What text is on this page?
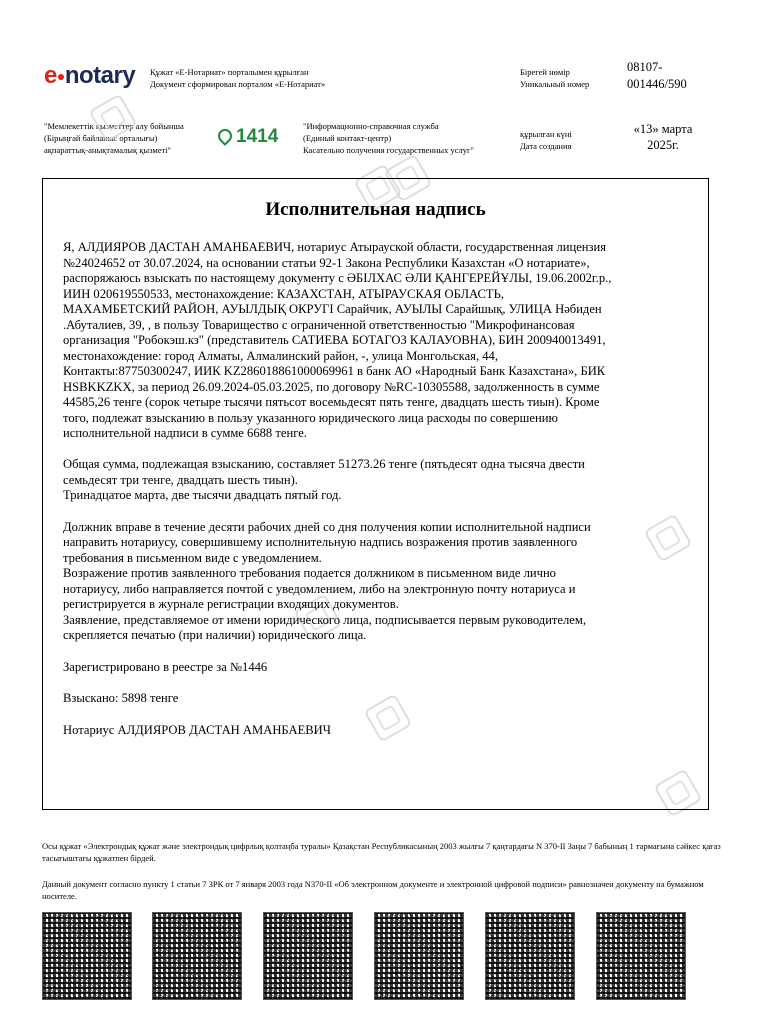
e●notary Құжат «Е-Нотариат» порталымен құрылған
Документ сформирован порталом «Е-Нотариат»
Бірегей нөмір
Уникальный номер
08107-
001446/590
"Мемлекеттік қызметтер алу бойынша
(Бірыңғай байланыс орталығы)
ақпараттық-анықтамалық қызметі"
1414	"Информационно-справочная служба
(Единый контакт-центр)
Касательно получения государственных услуг"
құрылған күні
Дата создания
«13» марта
2025г.
Исполнительная надпись

Я, АЛДИЯРОВ ДАСТАН АМАНБАЕВИЧ, нотариус Атырауской области, государственная лицензия
№24024652 от 30.07.2024, на основании статьи 92-1 Закона Республики Казахстан «О нотариате»,
распоряжаюсь взыскать по настоящему документу с ӘБІЛХАС ӘЛИ ҚАНГЕРЕЙҰЛЫ, 19.06.2002г.р.,
ИИН 020619550533, местонахождение: КАЗАХСТАН, АТЫРАУСКАЯ ОБЛАСТЬ,
МАХАМБЕТСКИЙ РАЙОН, АУЫЛДЫҚ ОКРУГІ Сарайчик, АУЫЛЫ Сарайшық, УЛИЦА Нәбиден
.Абуталиев, 39, , в пользу Товарищество с ограниченной ответственностью "Микрофинансовая
организация "Робокэш.кз" (представитель САТИЕВА БОТАГОЗ КАЛАУОВНА), БИН 200940013491,
местонахождение: город Алматы, Алмалинский район, -, улица Монгольская, 44,
Контакты:87750300247, ИИК KZ286018861000069961 в банк АО «Народный Банк Казахстана», БИК
HSBKKZKX, за период 26.09.2024-05.03.2025, по договору №RC-10305588, задолженность в сумме
44585,26 тенге (сорок четыре тысячи пятьсот восемьдесят пять тенге, двадцать шесть тиын). Кроме
того, подлежат взысканию в пользу указанного юридического лица расходы по совершению
исполнительной надписи в сумме 6688 тенге.

Общая сумма, подлежащая взысканию, составляет 51273.26 тенге (пятьдесят одна тысяча двести
семьдесят три тенге, двадцать шесть тиын).
Тринадцатое марта, две тысячи двадцать пятый год.

Должник вправе в течение десяти рабочих дней со дня получения копии исполнительной надписи
направить нотариусу, совершившему исполнительную надпись возражения против заявленного
требования в письменном виде с уведомлением.
Возражение против заявленного требования подается должником в письменном виде лично
нотариусу, либо направляется почтой с уведомлением, либо на электронную почту нотариуса и
регистрируется в журнале регистрации входящих документов.
Заявление, представляемое от имени юридического лица, подписывается первым руководителем,
скрепляется печатью (при наличии) юридического лица.

Зарегистрировано в реестре за №1446

Взыскано: 5898 тенге

Нотариус АЛДИЯРОВ ДАСТАН АМАНБАЕВИЧ

Осы құжат «Электрондық құжат және электрондық цифрлық қолтаңба туралы» Қазақстан Республикасының 2003 жылғы 7 қаңтардағы N 370-II Заңы 7 бабының 1 тармағына сәйкес қағаз тасығыштағы құжатпен бірдей.
Данный документ согласно пункту 1 статьи 7 ЗРК от 7 января 2003 года N370-II «Об электронном документе и электронной цифровой подписи» равнозначен документу на бумажном носителе.
